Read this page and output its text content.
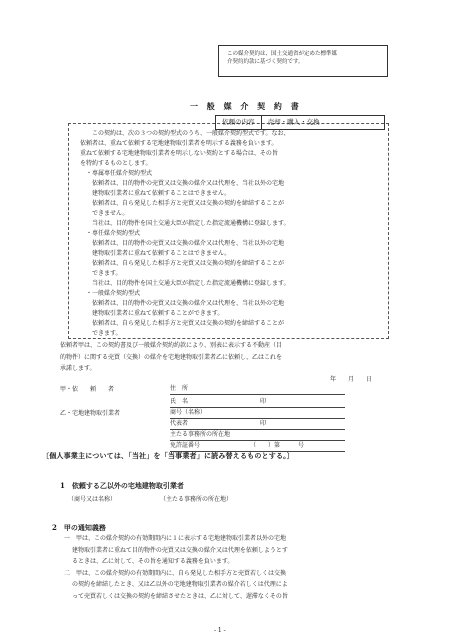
この媒介契約は、国土交通省が定めた標準媒
介契約約款に基づく契約です。
一 般 媒 介 契 約 書
依頼の内容 売却・購入・交換
この契約は、次の３つの契約型式のうち、一般媒介契約型式です。なお、
依頼者は、重ねて依頼する宅地建物取引業者を明示する義務を負います。
重ねて依頼する宅地建物取引業者を明示しない契約とする場合は、その旨
を特約するものとします。
・専属専任媒介契約型式
依頼者は、目的物件の売買又は交換の媒介又は代理を、当社以外の宅地
建物取引業者に重ねて依頼することはできません。
依頼者は、自ら発見した相手方と売買又は交換の契約を締結することが
できません。
当社は、目的物件を国土交通大臣が指定した指定流通機構に登録します。
・専任媒介契約型式
依頼者は、目的物件の売買又は交換の媒介又は代理を、当社以外の宅地
建物取引業者に重ねて依頼することはできません。
依頼者は、自ら発見した相手方と売買又は交換の契約を締結することが
できます。
当社は、目的物件を国土交通大臣が指定した指定流通機構に登録します。
・一般媒介契約型式
依頼者は、目的物件の売買又は交換の媒介又は代理を、当社以外の宅地
建物取引業者に重ねて依頼することができます。
依頼者は、自ら発見した相手方と売買又は交換の契約を締結することが
できます。
依頼者甲は、この契約書及び一般媒介契約約款により、別表に表示する不動産（目
的物件）に関する売買（交換）の媒介を宅地建物取引業者乙に依頼し、乙はこれを
承諾します。
年　　月　　日
甲・依　　頼　　者	住　所
氏　名	印
乙・宅地建物取引業者	商号（名称）
代表者	印
主たる事務所の所在地
免許証番号	（　　）第　　　号
〔個人事業主については、「当社」を「当事業者」に読み替えるものとする。〕
1　依頼する乙以外の宅地建物取引業者
（商号又は名称）	（主たる事務所の所在地）
2　甲の通知義務
一　甲は、この媒介契約の有効期間内に１に表示する宅地建物取引業者以外の宅地
建物取引業者に重ねて目的物件の売買又は交換の媒介又は代理を依頼しようとす
るときは、乙に対して、その旨を通知する義務を負います。
二　甲は、この媒介契約の有効期間内に、自ら発見した相手方と売買若しくは交換
の契約を締結したとき、又は乙以外の宅地建物取引業者の媒介若しくは代理によ
って売買若しくは交換の契約を締結させたときは、乙に対して、遅滞なくその旨
- 1 -
